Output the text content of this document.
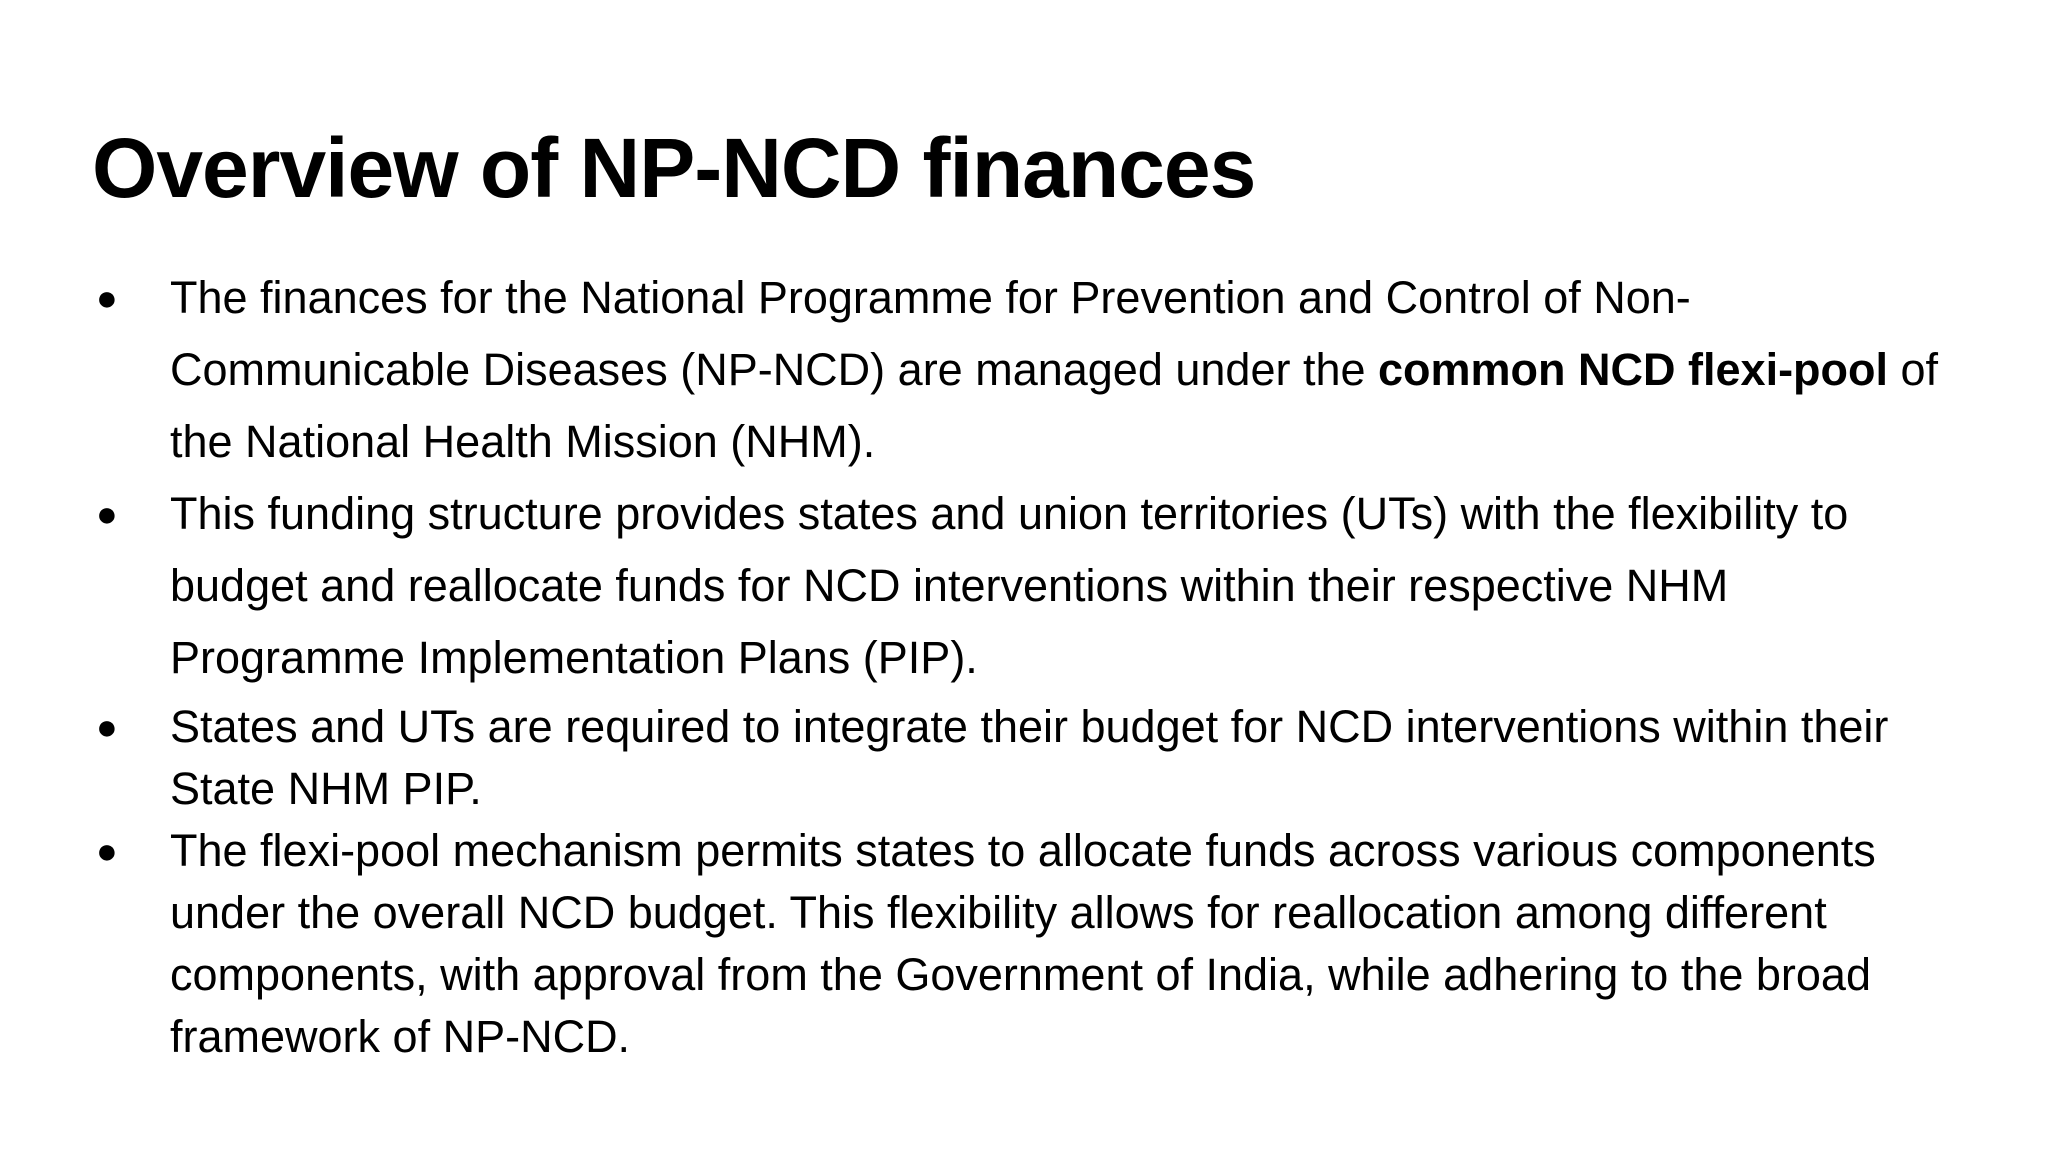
Overview of NP-NCD finances
● The finances for the National Programme for Prevention and Control of Non-Communicable Diseases (NP-NCD) are managed under the common NCD flexi-pool of the National Health Mission (NHM).
● This funding structure provides states and union territories (UTs) with the flexibility to budget and reallocate funds for NCD interventions within their respective NHM Programme Implementation Plans (PIP).
● States and UTs are required to integrate their budget for NCD interventions within their State NHM PIP.
● The flexi-pool mechanism permits states to allocate funds across various components under the overall NCD budget. This flexibility allows for reallocation among different components, with approval from the Government of India, while adhering to the broad framework of NP-NCD.
